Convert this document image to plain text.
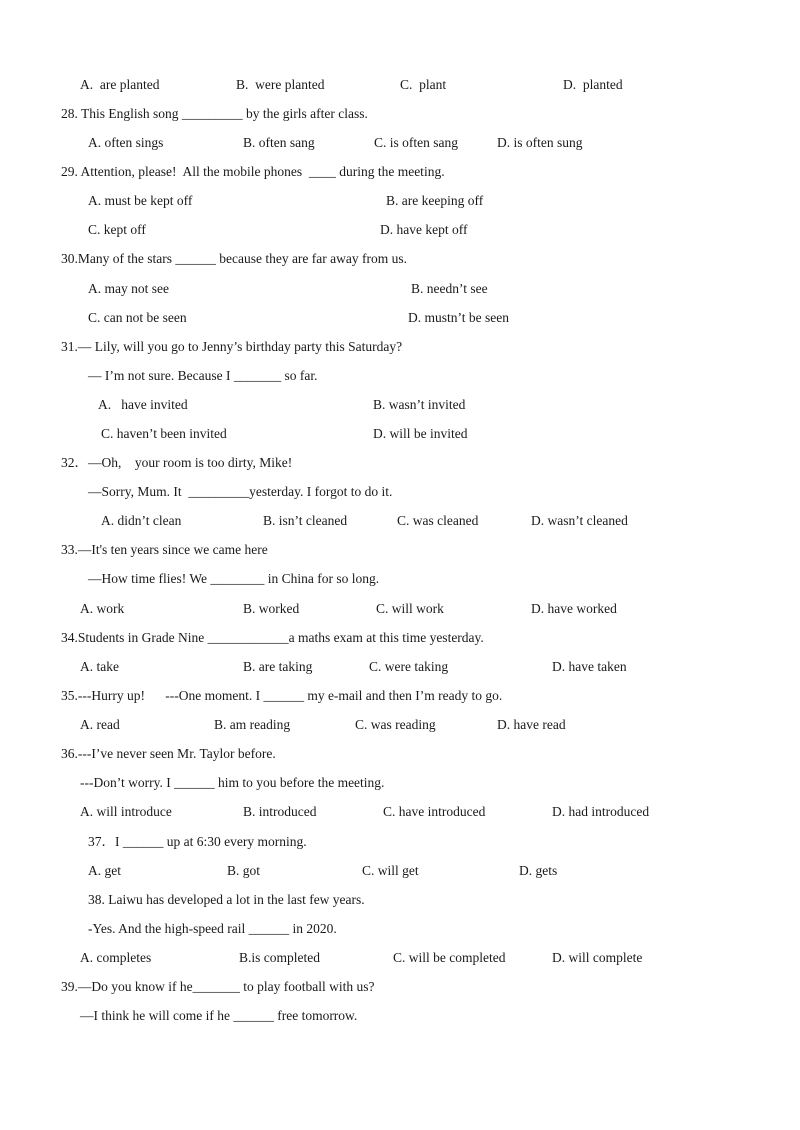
A.  are planted	B.  were planted	C.  plant	D.  planted
28. This English song _________ by the girls after class.
A. often sings	B. often sang	C. is often sang	D. is often sung
29. Attention, please!  All the mobile phones  ____ during the meeting.
A. must be kept off	B. are keeping off
C. kept off	D. have kept off
30.Many of the stars ______ because they are far away from us.
A. may not see	B. needn’t see
C. can not be seen	D. mustn’t be seen
31.— Lily, will you go to Jenny’s birthday party this Saturday?
— I’m not sure. Because I _______ so far.
A.   have invited	B. wasn’t invited
C. haven’t been invited	D. will be invited
32．—Oh,    your room is too dirty, Mike!
—Sorry, Mum. It  _________yesterday. I forgot to do it.
A. didn’t clean	B. isn’t cleaned	C. was cleaned	D. wasn’t cleaned
33.—It's ten years since we came here
—How time flies! We ________ in China for so long.
A. work	B. worked	C. will work	D. have worked
34.Students in Grade Nine ____________a maths exam at this time yesterday.
A. take	B. are taking	C. were taking	D. have taken
35.---Hurry up!      ---One moment. I ______ my e-mail and then I’m ready to go.
A. read	B. am reading	C. was reading	D. have read
36.---I’ve never seen Mr. Taylor before.
---Don’t worry. I ______ him to you before the meeting.
A. will introduce	B. introduced	C. have introduced	D. had introduced
37．I ______ up at 6:30 every morning.
A. get	B. got	C. will get	D. gets
38. Laiwu has developed a lot in the last few years.
-Yes. And the high-speed rail ______ in 2020.
A. completes	B.is completed	C. will be completed	D. will complete
39.—Do you know if he_______ to play football with us?
—I think he will come if he ______ free tomorrow.
